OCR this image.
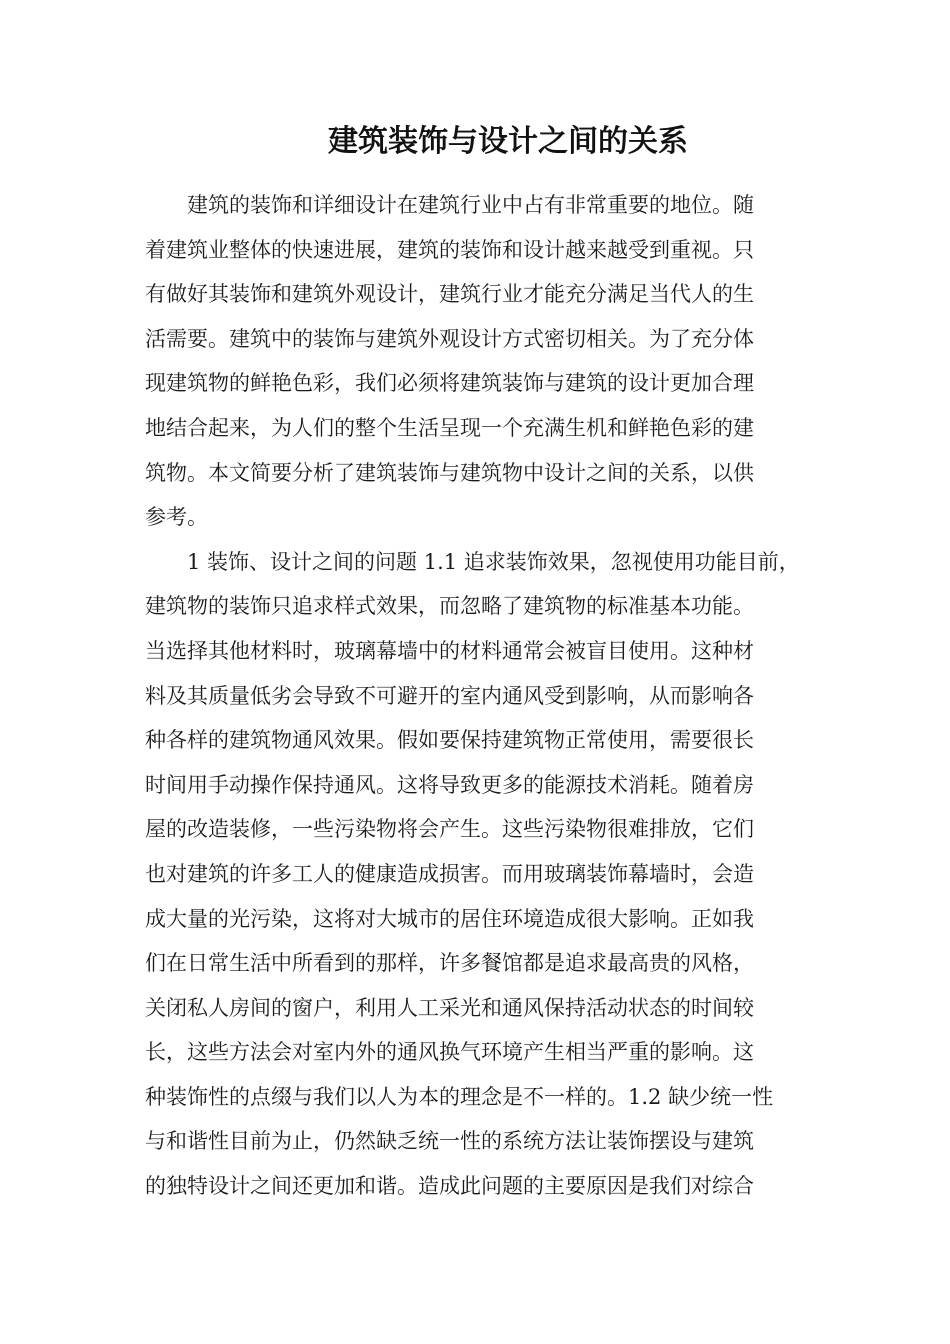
建筑装饰与设计之间的关系
建筑的装饰和详细设计在建筑行业中占有非常重要的地位。随
着建筑业整体的快速进展，建筑的装饰和设计越来越受到重视。只
有做好其装饰和建筑外观设计，建筑行业才能充分满足当代人的生
活需要。建筑中的装饰与建筑外观设计方式密切相关。为了充分体
现建筑物的鲜艳色彩，我们必须将建筑装饰与建筑的设计更加合理
地结合起来，为人们的整个生活呈现一个充满生机和鲜艳色彩的建
筑物。本文简要分析了建筑装饰与建筑物中设计之间的关系，以供
参考。
1 装饰、设计之间的问题 1.1 追求装饰效果，忽视使用功能目前，
建筑物的装饰只追求样式效果，而忽略了建筑物的标准基本功能。
当选择其他材料时，玻璃幕墙中的材料通常会被盲目使用。这种材
料及其质量低劣会导致不可避开的室内通风受到影响，从而影响各
种各样的建筑物通风效果。假如要保持建筑物正常使用，需要很长
时间用手动操作保持通风。这将导致更多的能源技术消耗。随着房
屋的改造装修，一些污染物将会产生。这些污染物很难排放，它们
也对建筑的许多工人的健康造成损害。而用玻璃装饰幕墙时，会造
成大量的光污染，这将对大城市的居住环境造成很大影响。正如我
们在日常生活中所看到的那样，许多餐馆都是追求最高贵的风格，
关闭私人房间的窗户，利用人工采光和通风保持活动状态的时间较
长，这些方法会对室内外的通风换气环境产生相当严重的影响。这
种装饰性的点缀与我们以人为本的理念是不一样的。1.2 缺少统一性
与和谐性目前为止，仍然缺乏统一性的系统方法让装饰摆设与建筑
的独特设计之间还更加和谐。造成此问题的主要原因是我们对综合
